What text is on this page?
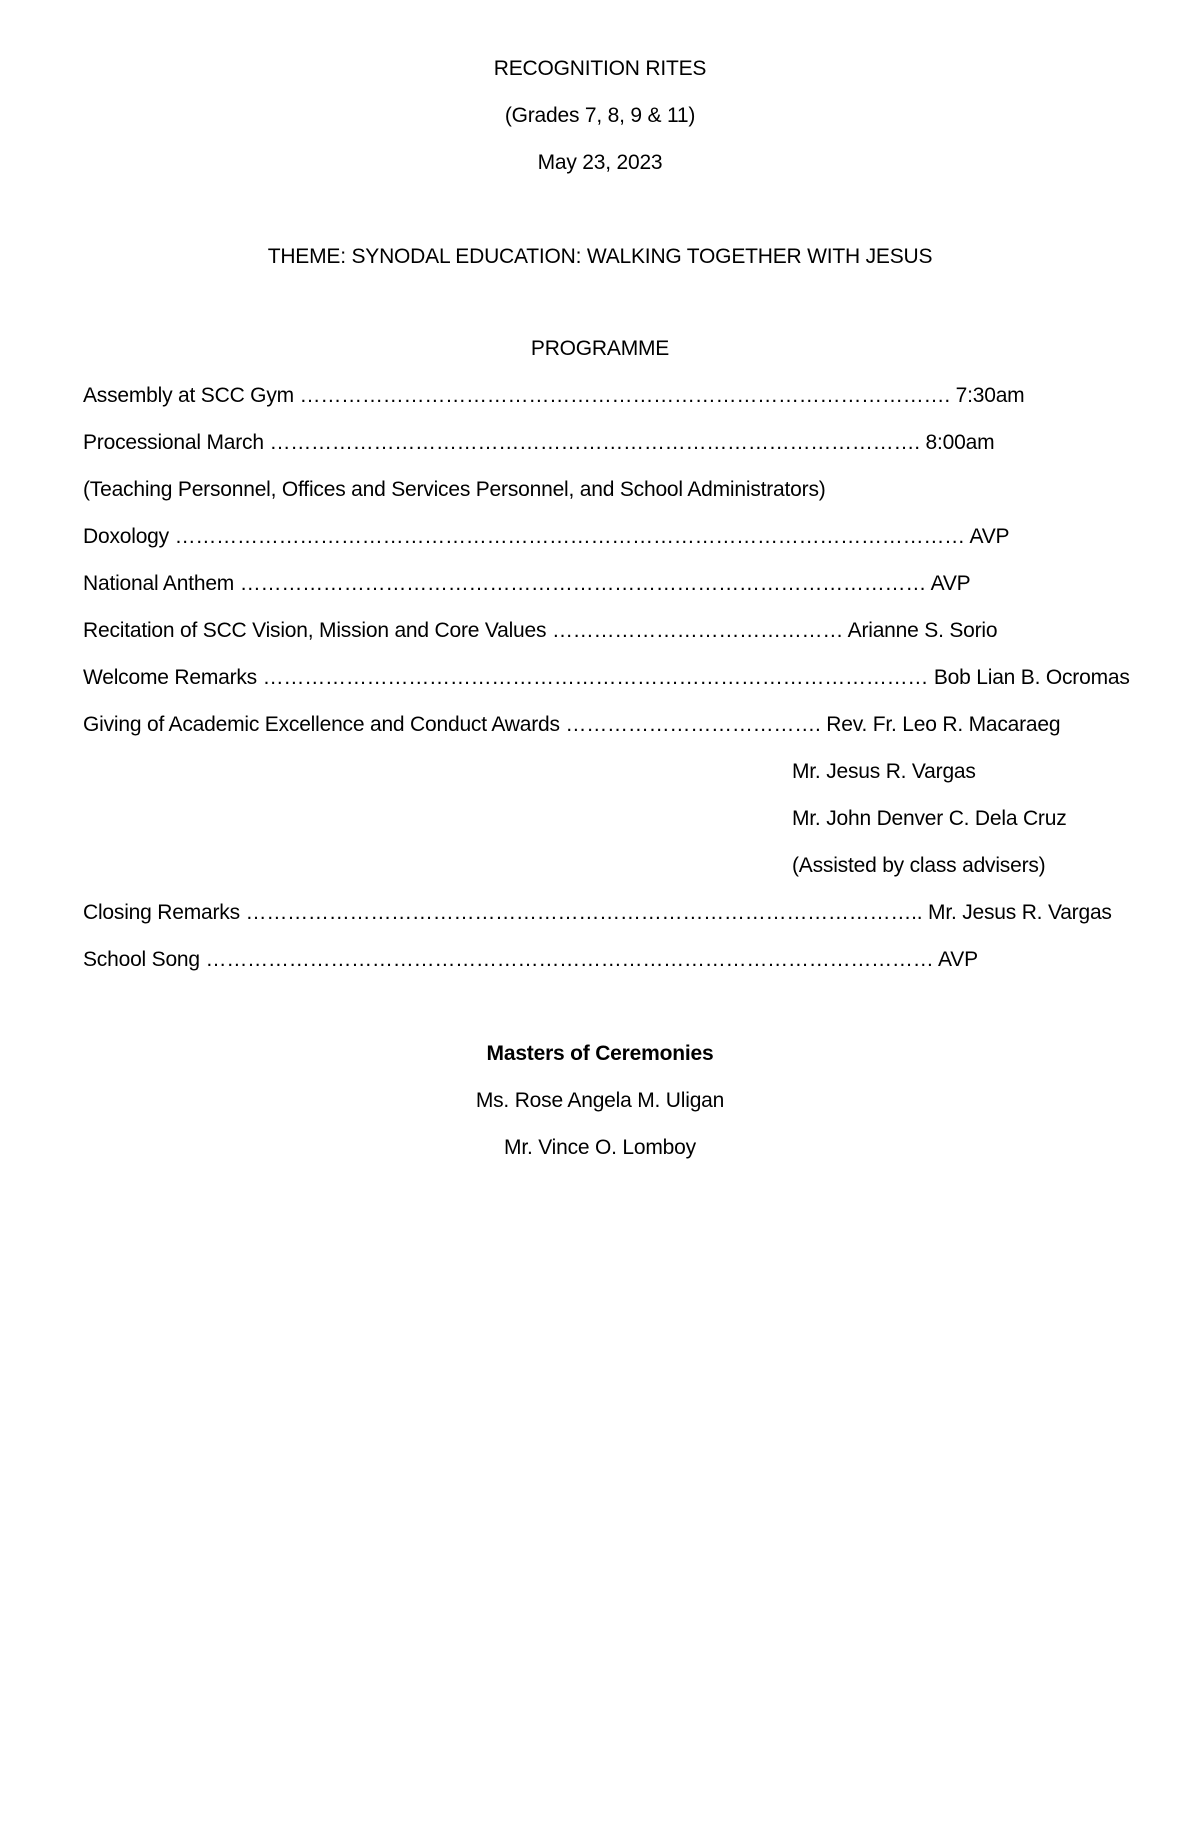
RECOGNITION RITES
(Grades 7, 8, 9 & 11)
May 23, 2023
THEME: SYNODAL EDUCATION: WALKING TOGETHER WITH JESUS
PROGRAMME
Assembly at SCC Gym …………………………………………………………………………………. 7:30am
Processional March …………………………………………………………………………………. 8:00am
(Teaching Personnel, Offices and Services Personnel, and School Administrators)
Doxology …………………………………………………………………………………………………… AVP
National Anthem ……………………………………………………………………………………… AVP
Recitation of SCC Vision, Mission and Core Values …………………………………… Arianne S. Sorio
Welcome Remarks …………………………………………………………………………………… Bob Lian B. Ocromas
Giving of Academic Excellence and Conduct Awards ………………………………. Rev. Fr. Leo R. Macaraeg
Mr. Jesus R. Vargas
Mr. John Denver C. Dela Cruz
(Assisted by class advisers)
Closing Remarks …………………………………………………………………………………….. Mr. Jesus R. Vargas
School Song …………………………………………………………………………………………… AVP
Masters of Ceremonies
Ms. Rose Angela M. Uligan
Mr. Vince O. Lomboy
